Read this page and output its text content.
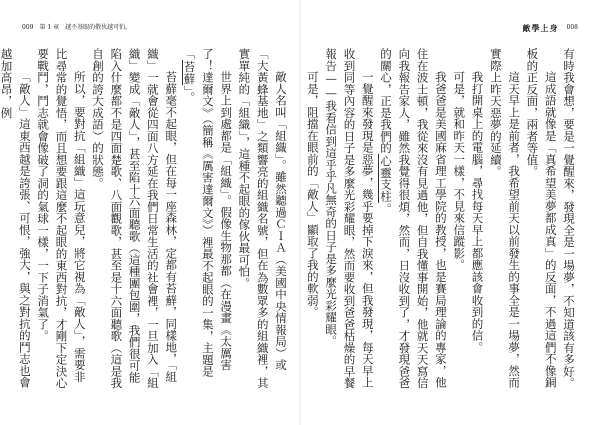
009 第 1 章 越不基眼的敬伙越可怕。	敵學上身 008

有時我會想，要是一覺醒來，發現全是一場夢，不知道該有多好。

這成語就像是「真希望美夢都成真」的反面，不過這們不像銅板的正反面，兩者等值。

這天早上是前者，我希望前天以前發生的事全是一場夢，然而實際上昨天惡夢的延續。

我打開桌上的電腦，尋找每天早上都應該會收到的信。

可是，就和昨天一樣，不見來信蹤影。

我爸爸是美國麻省理工學院的教授，也是賽局理論的專家，他住在波士頓，我從來沒有見過他，但自我懂事開始，他就天天寫信向我報告家人，雖然我覺得很煩，然而，日沒收到了，才發現爸爸的關心，正是我們的心靈支柱。

一覺醒來發現是惡夢，幾乎要掉下淚來，但我發現，每天早上收到同等內容的日子是多麼光彩耀眼，然而要收到爸爸枯燥的早餐報告——我看信到這乎乎凡無奇的日子是多麼光彩耀眼。

可是，阻擋在眼前的「敵人」顯取了我的軟弱。

敵人名叫「組織」。雖然聽過ＣＩＡ（美國中央情報局）或「大黃蜂基地」之類響亮的組織名號，但在為數眾多的組織裡，其實單純的「組織」，這種不起眼的傢伙最可怕。

世界上到處都是「組織」。假像生物那都（在漫畫《太厲害了！達爾文》（簡稱《厲害達爾文》）裡最不起眼的一集，主題是「苔蘚」。

苔蘚毫不起眼，但在每一座森林，定都有苔蘚，同樣地，「組織」一就會從四面八方延在我們日常生活的社會裡，一旦加入「組織」變成「敵人」，甚至陷十六面聽歌（這種團包圍，我們很可能陷入什麼都不是四面楚歌、八面觀歌，甚至是十六面聽歌（這是我自創的誇大成語）的狀態。

所以，要對抗「組織」這玩意兒，將它視為「敵人」，需要非比尋常的覺悟，而且想要跟這麼不起眼的東西對抗，才剛下定決心要戰鬥，鬥志就會像破了洞的氣球一樣，一下子消氣了。

「敵人」這東西越是誇張、可恨，強大，與之對抗的鬥志也會越加高昂，例
